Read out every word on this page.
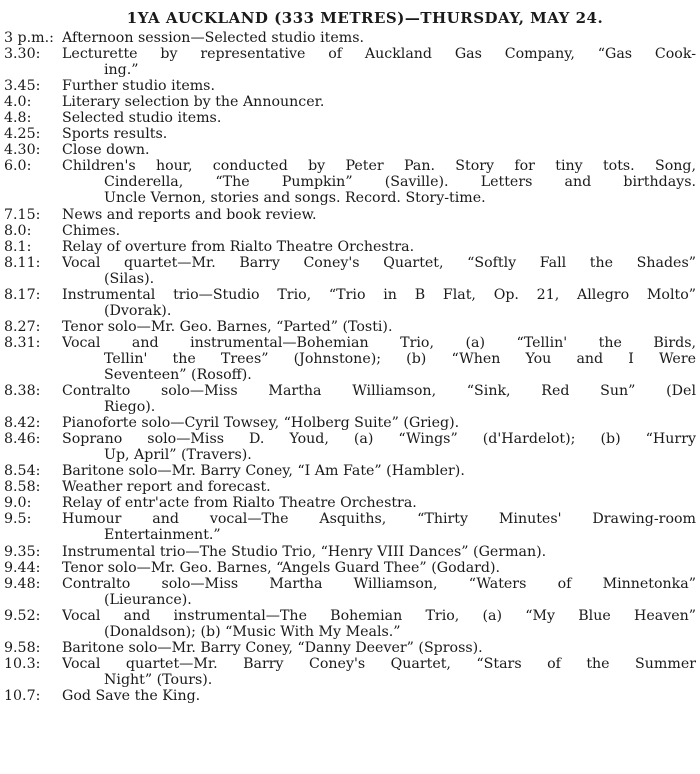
1YA AUCKLAND (333 METRES)—THURSDAY, MAY 24.
3 p.m.: Afternoon session—Selected studio items.
3.30:	Lecturette by representative of Auckland Gas Company, “Gas Cook-
ing.”
3.45:	Further studio items.
4.0:	Literary selection by the Announcer.
4.8:	Selected studio items.
4.25:	Sports results.
4.30:	Close down.
6.0:	Children's hour, conducted by Peter Pan. Story for tiny tots. Song,
Cinderella, “The Pumpkin” (Saville). Letters and birthdays.
Uncle Vernon, stories and songs. Record. Story-time.
7.15:	News and reports and book review.
8.0:	Chimes.
8.1:	Relay of overture from Rialto Theatre Orchestra.
8.11:	Vocal quartet—Mr. Barry Coney's Quartet, “Softly Fall the Shades”
(Silas).
8.17:	Instrumental trio—Studio Trio, “Trio in B Flat, Op. 21, Allegro Molto”
(Dvorak).
8.27:	Tenor solo—Mr. Geo. Barnes, “Parted” (Tosti).
8.31:	Vocal and instrumental—Bohemian Trio, (a) “Tellin' the Birds,
Tellin' the Trees” (Johnstone); (b) “When You and I Were
Seventeen” (Rosoff).
8.38:	Contralto solo—Miss Martha Williamson, “Sink, Red Sun” (Del
Riego).
8.42:	Pianoforte solo—Cyril Towsey, “Holberg Suite” (Grieg).
8.46:	Soprano solo—Miss D. Youd, (a) “Wings” (d'Hardelot); (b) “Hurry
Up, April” (Travers).
8.54:	Baritone solo—Mr. Barry Coney, “I Am Fate” (Hambler).
8.58:	Weather report and forecast.
9.0:	Relay of entr'acte from Rialto Theatre Orchestra.
9.5:	Humour and vocal—The Asquiths, “Thirty Minutes' Drawing-room
Entertainment.”
9.35:	Instrumental trio—The Studio Trio, “Henry VIII Dances” (German).
9.44:	Tenor solo—Mr. Geo. Barnes, “Angels Guard Thee” (Godard).
9.48:	Contralto solo—Miss Martha Williamson, “Waters of Minnetonka”
(Lieurance).
9.52:	Vocal and instrumental—The Bohemian Trio, (a) “My Blue Heaven”
(Donaldson); (b) “Music With My Meals.”
9.58:	Baritone solo—Mr. Barry Coney, “Danny Deever” (Spross).
10.3:	Vocal quartet—Mr. Barry Coney's Quartet, “Stars of the Summer
Night” (Tours).
10.7:	God Save the King.
